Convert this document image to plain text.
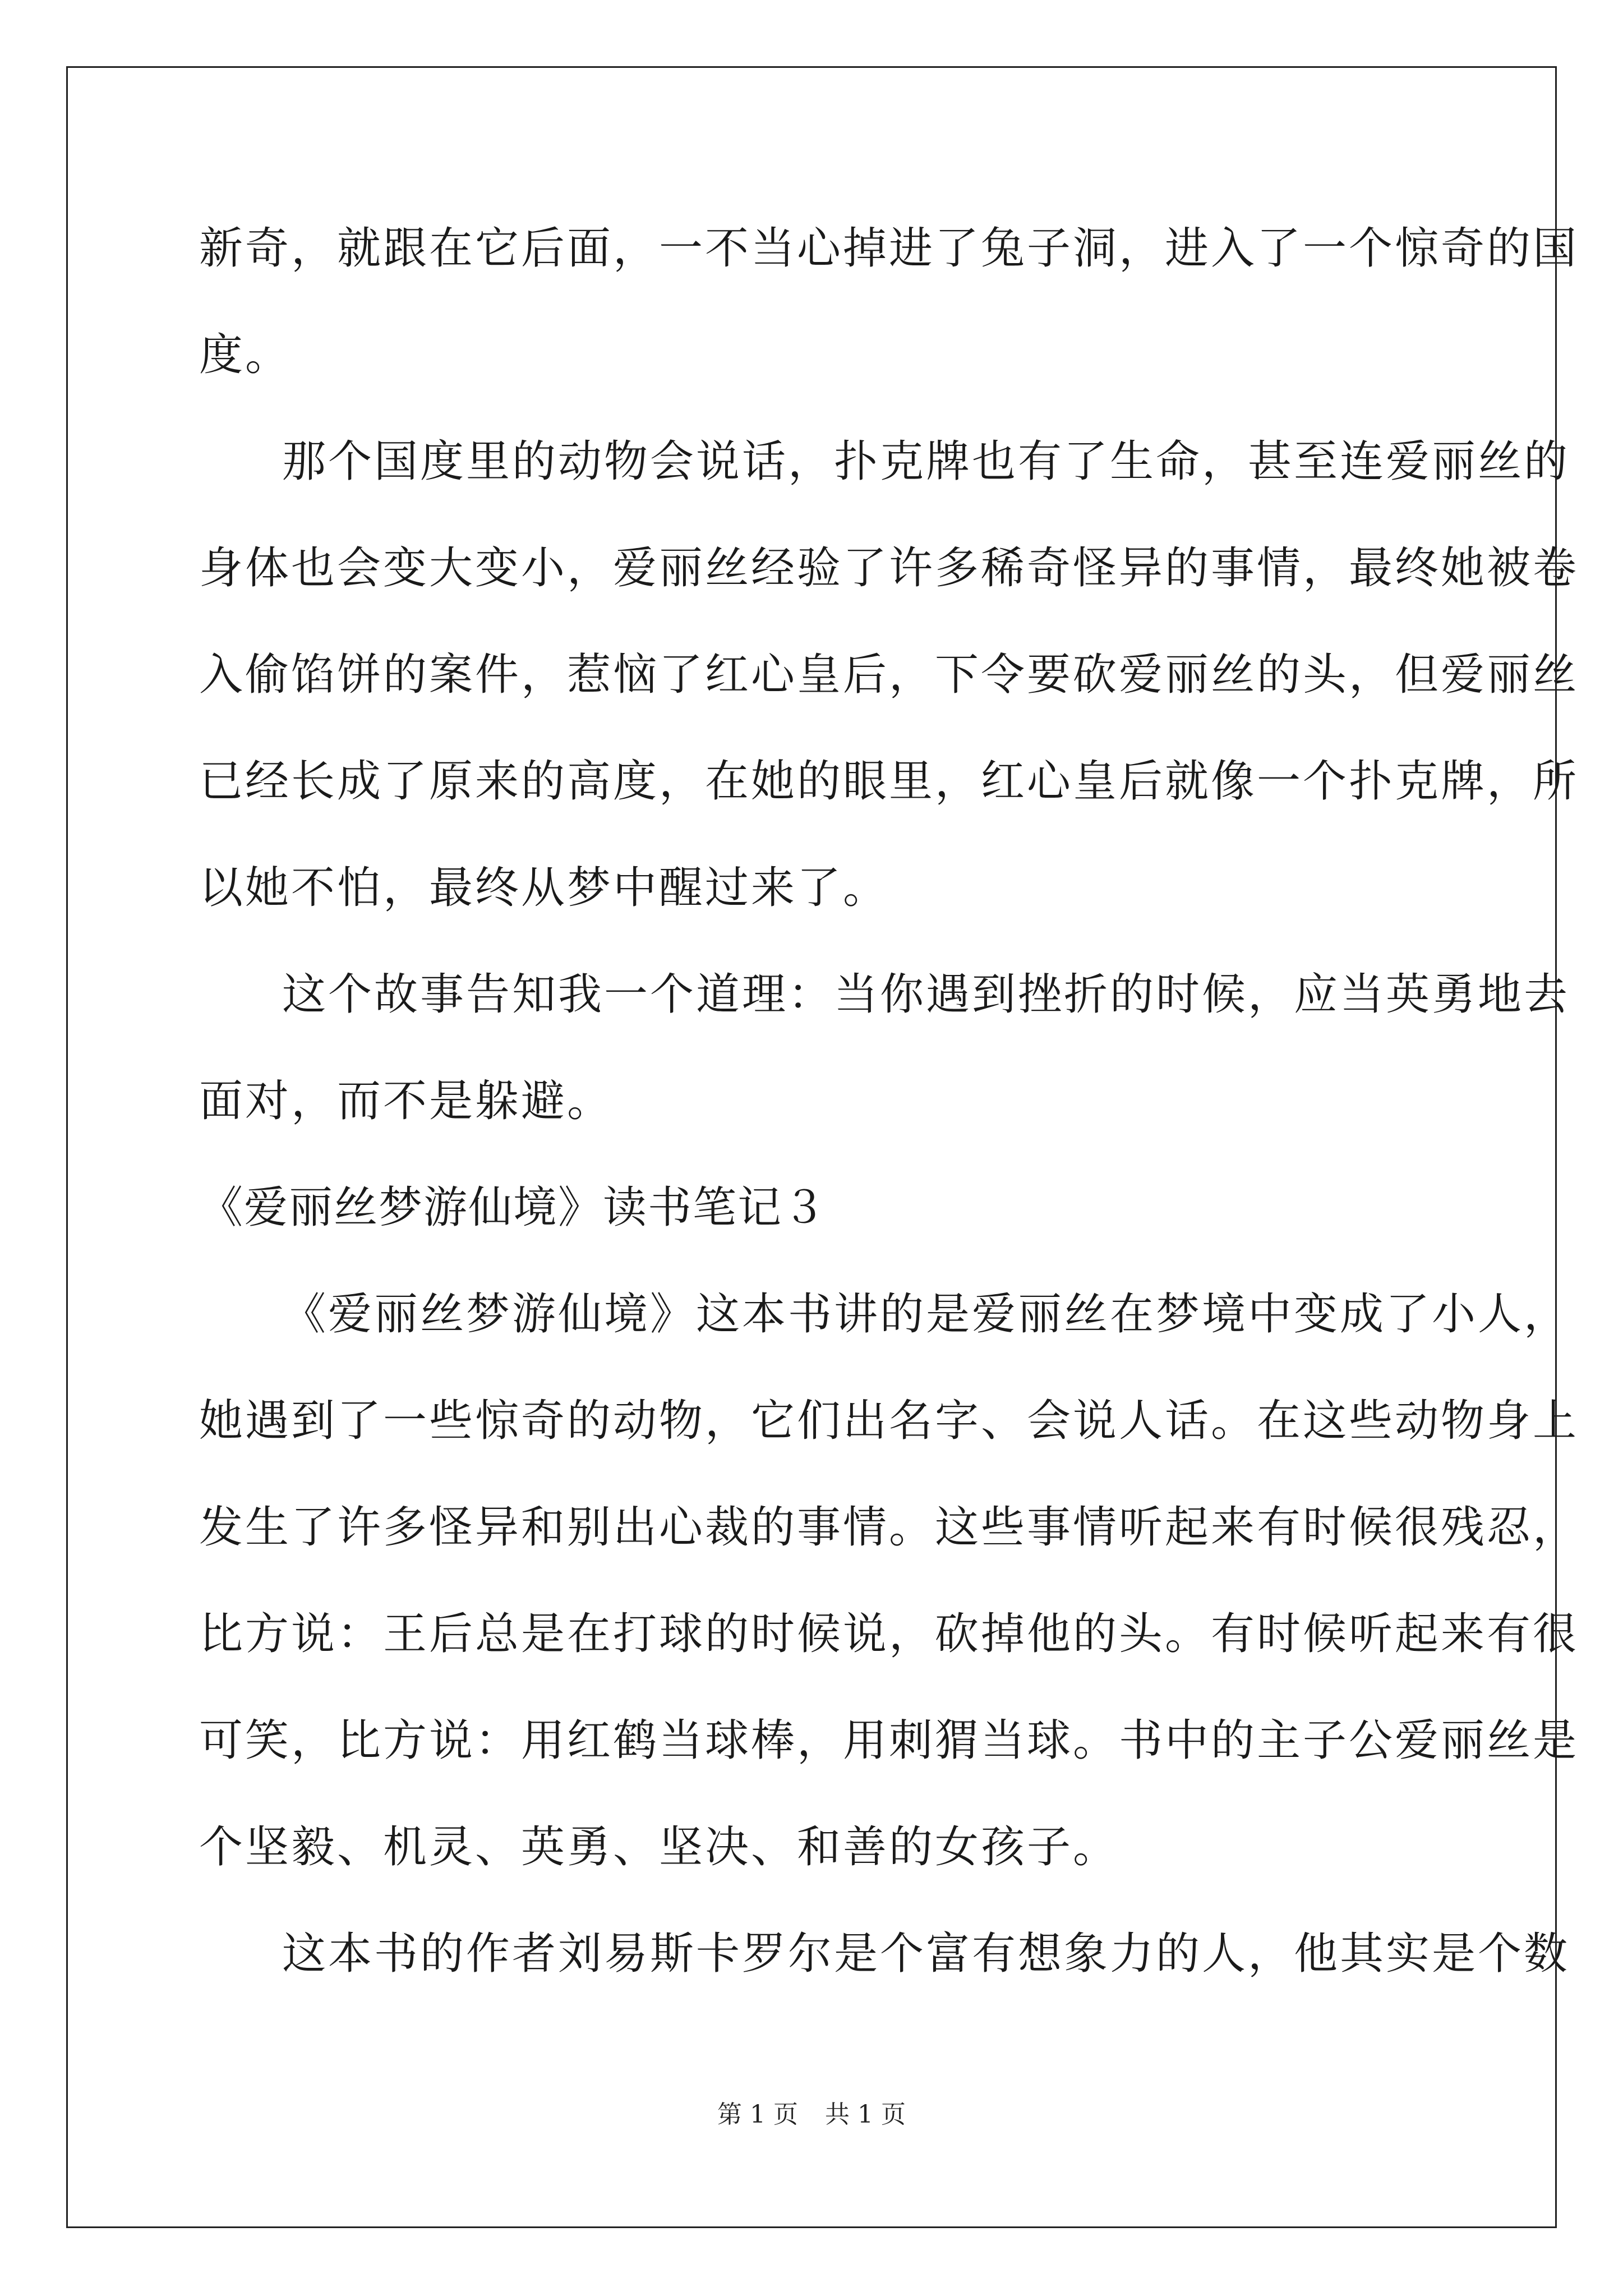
新奇，就跟在它后面，一不当心掉进了兔子洞，进入了一个惊奇的国
度。
那个国度里的动物会说话，扑克牌也有了生命，甚至连爱丽丝的
身体也会变大变小，爱丽丝经验了许多稀奇怪异的事情，最终她被卷
入偷馅饼的案件，惹恼了红心皇后，下令要砍爱丽丝的头，但爱丽丝
已经长成了原来的高度，在她的眼里，红心皇后就像一个扑克牌，所
以她不怕，最终从梦中醒过来了。
这个故事告知我一个道理：当你遇到挫折的时候，应当英勇地去
面对，而不是躲避。
《爱丽丝梦游仙境》读书笔记３
《爱丽丝梦游仙境》这本书讲的是爱丽丝在梦境中变成了小人，
她遇到了一些惊奇的动物，它们出名字、会说人话。在这些动物身上
发生了许多怪异和别出心裁的事情。这些事情听起来有时候很残忍，
比方说：王后总是在打球的时候说，砍掉他的头。有时候听起来有很
可笑，比方说：用红鹤当球棒，用刺猬当球。书中的主子公爱丽丝是
个坚毅、机灵、英勇、坚决、和善的女孩子。
这本书的作者刘易斯卡罗尔是个富有想象力的人，他其实是个数
第 1 页 共 1 页
